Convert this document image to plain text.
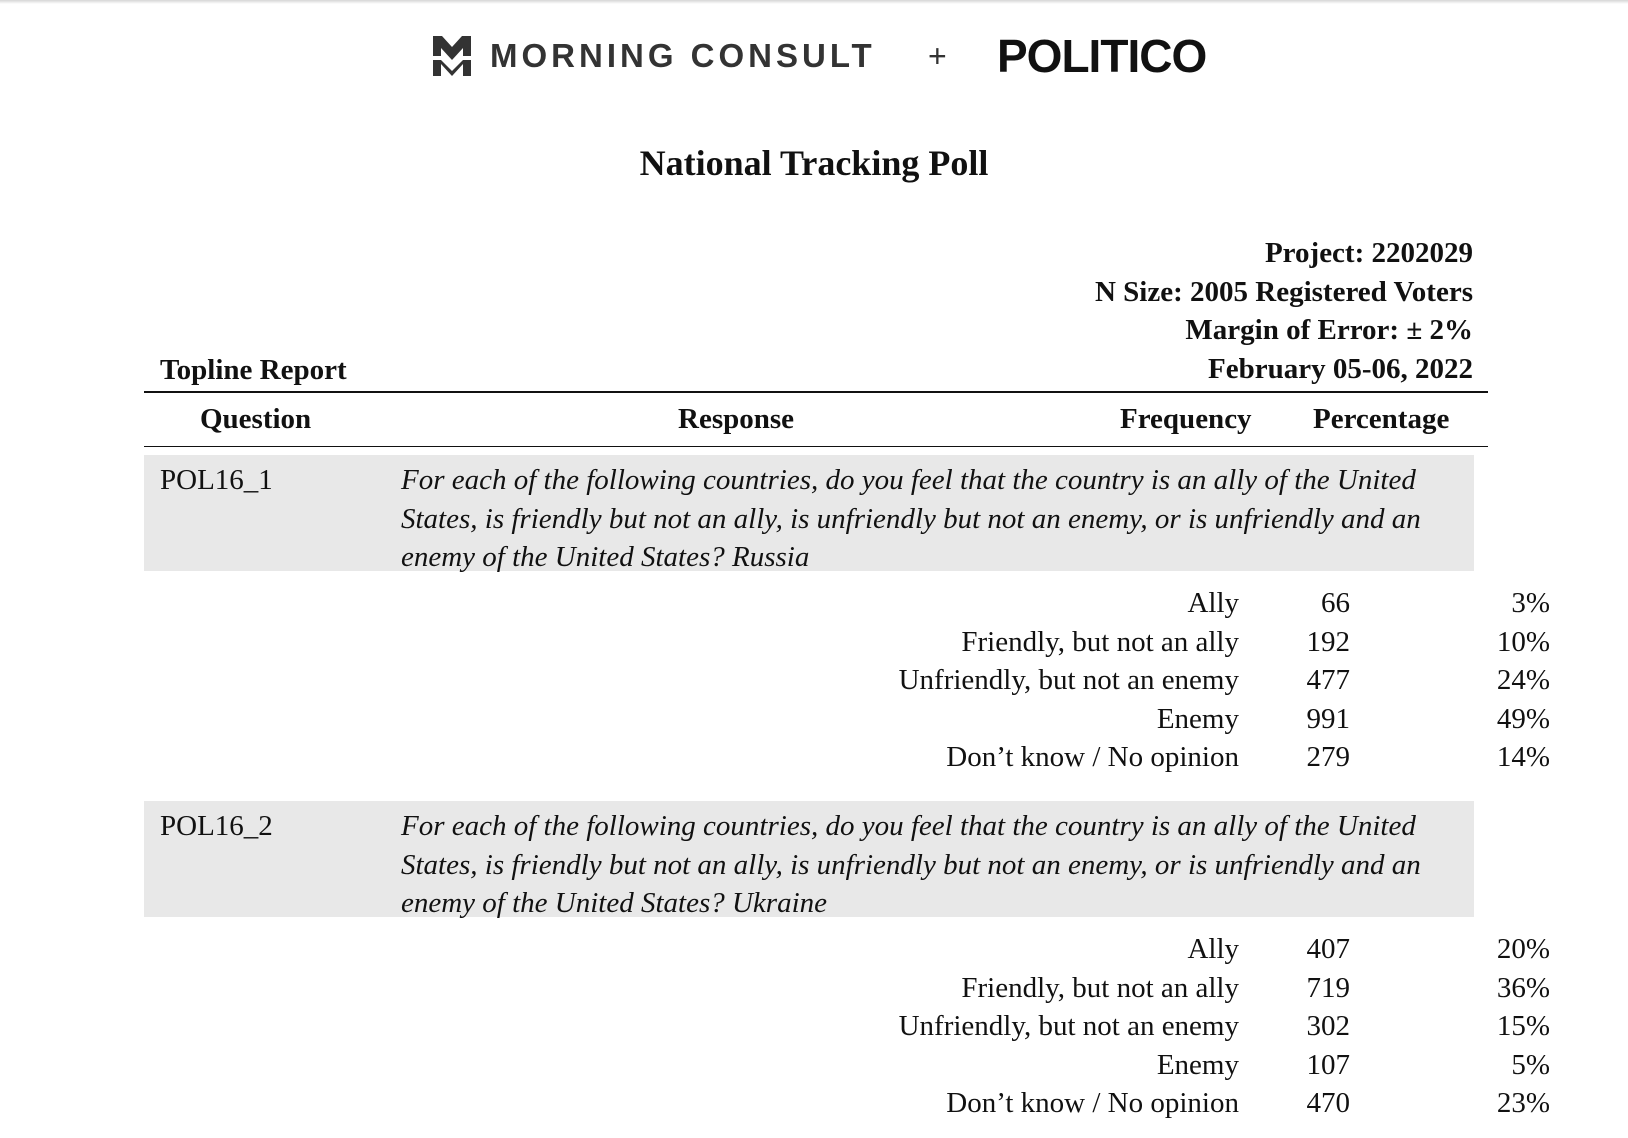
MORNING CONSULT + POLITICO
National Tracking Poll
Project: 2202029
N Size: 2005 Registered Voters
Margin of Error: ± 2%
February 05-06, 2022
Topline Report
Question	Response	Frequency Percentage
POL16_1	For each of the following countries, do you feel that the country is an ally of the United States, is friendly but not an ally, is unfriendly but not an enemy, or is unfriendly and an enemy of the United States? Russia
Ally	66	3%
Friendly, but not an ally 192	10%
Unfriendly, but not an enemy 477	24%
Enemy 991	49%
Don’t know / No opinion 279	14%
POL16_2	For each of the following countries, do you feel that the country is an ally of the United States, is friendly but not an ally, is unfriendly but not an enemy, or is unfriendly and an enemy of the United States? Ukraine
Ally 407	20%
Friendly, but not an ally 719	36%
Unfriendly, but not an enemy 302	15%
Enemy 107	5%
Don’t know / No opinion 470	23%
